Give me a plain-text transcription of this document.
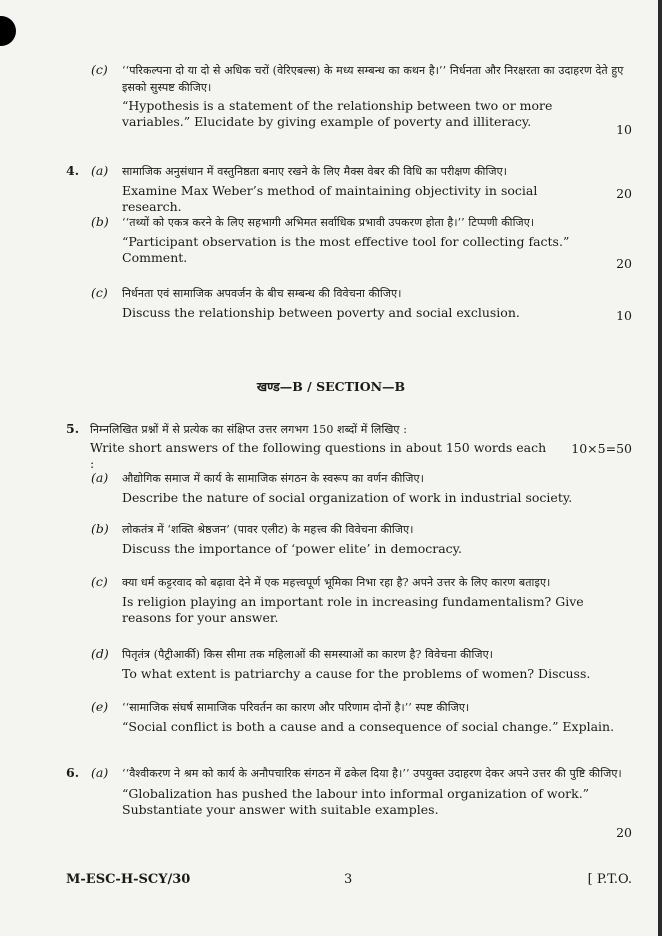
(c)	‘‘परिकल्पना दो या दो से अधिक चरों (वेरिएबल्स) के मध्य सम्बन्ध का कथन है।’’ निर्धनता और निरक्षरता का उदाहरण देते हुए इसको सुस्पष्ट कीजिए।
“Hypothesis is a statement of the relationship between two or more variables.” Elucidate by giving example of poverty and illiteracy.
10
4. (a)	सामाजिक अनुसंधान में वस्तुनिष्ठता बनाए रखने के लिए मैक्स वेबर की विधि का परीक्षण कीजिए।
Examine Max Weber’s method of maintaining objectivity in social research.
20
(b)	‘‘तथ्यों को एकत्र करने के लिए सहभागी अभिमत सर्वाधिक प्रभावी उपकरण होता है।’’ टिप्पणी कीजिए।
“Participant observation is the most effective tool for collecting facts.” Comment.	20
(c)	निर्धनता एवं सामाजिक अपवर्जन के बीच सम्बन्ध की विवेचना कीजिए।
Discuss the relationship between poverty and social exclusion.	10
खण्ड—B / SECTION—B
5. निम्नलिखित प्रश्नों में से प्रत्येक का संक्षिप्त उत्तर लगभग 150 शब्दों में लिखिए :
Write short answers of the following questions in about 150 words each :
10×5=50
(a)	औद्योगिक समाज में कार्य के सामाजिक संगठन के स्वरूप का वर्णन कीजिए।
Describe the nature of social organization of work in industrial society.
(b)	लोकतंत्र में ‘शक्ति श्रेष्ठजन’ (पावर एलीट) के महत्त्व की विवेचना कीजिए।
Discuss the importance of ‘power elite’ in democracy.
(c)	क्या धर्म कट्टरवाद को बढ़ावा देने में एक महत्त्वपूर्ण भूमिका निभा रहा है? अपने उत्तर के लिए कारण बताइए।
Is religion playing an important role in increasing fundamentalism? Give reasons for your answer.
(d)	पितृतंत्र (पैट्रीआर्की) किस सीमा तक महिलाओं की समस्याओं का कारण है? विवेचना कीजिए।
To what extent is patriarchy a cause for the problems of women? Discuss.
(e)	‘‘सामाजिक संघर्ष सामाजिक परिवर्तन का कारण और परिणाम दोनों है।’’ स्पष्ट कीजिए।
“Social conflict is both a cause and a consequence of social change.” Explain.
6. (a)	‘‘वैश्वीकरण ने श्रम को कार्य के अनौपचारिक संगठन में ढकेल दिया है।’’ उपयुक्त उदाहरण देकर अपने उत्तर की पुष्टि कीजिए।
“Globalization has pushed the labour into informal organization of work.” Substantiate your answer with suitable examples.
20
M-ESC-H-SCY/30	3	[ P.T.O.
